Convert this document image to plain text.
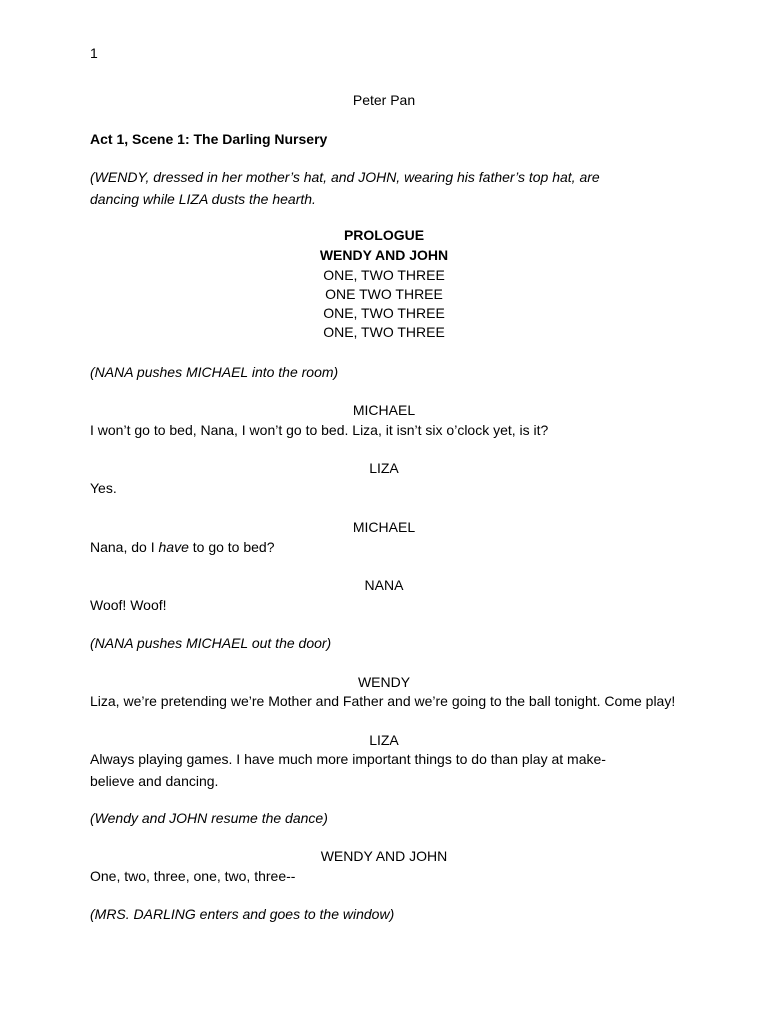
1
Peter Pan
Act 1, Scene 1: The Darling Nursery
(WENDY, dressed in her mother’s hat, and JOHN, wearing his father’s top hat, are dancing while LIZA dusts the hearth.
PROLOGUE
WENDY AND JOHN
ONE, TWO THREE
ONE TWO THREE
ONE, TWO THREE
ONE, TWO THREE
(NANA pushes MICHAEL into the room)
MICHAEL
I won’t go to bed, Nana, I won’t go to bed. Liza, it isn’t six o’clock yet, is it?
LIZA
Yes.
MICHAEL
Nana, do I have to go to bed?
NANA
Woof! Woof!
(NANA pushes MICHAEL out the door)
WENDY
Liza, we’re pretending we’re Mother and Father and we’re going to the ball tonight. Come play!
LIZA
Always playing games. I have much more important things to do than play at make-believe and dancing.
(Wendy and JOHN resume the dance)
WENDY AND JOHN
One, two, three, one, two, three--
(MRS. DARLING enters and goes to the window)
